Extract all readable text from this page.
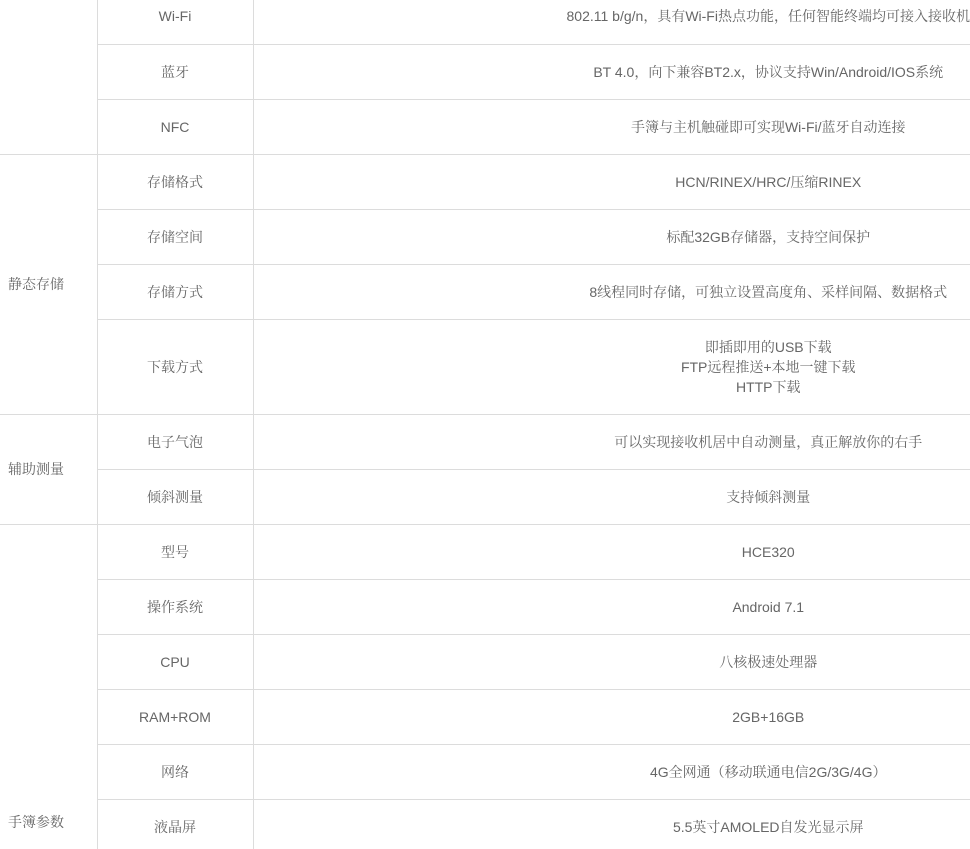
	Wi-Fi	802.11 b/g/n，具有Wi-Fi热点功能，任何智能终端均可接入接收机
	蓝牙	BT 4.0，向下兼容BT2.x，协议支持Win/Android/IOS系统
	NFC	手簿与主机触碰即可实现Wi-Fi/蓝牙自动连接
静态存储	存储格式	HCN/RINEX/HRC/压缩RINEX
	存储空间	标配32GB存储器，支持空间保护
	存储方式	8线程同时存储，可独立设置高度角、采样间隔、数据格式
	下载方式	即插即用的USB下载
FTP远程推送+本地一键下载
HTTP下载

辅助测量	电子气泡	可以实现接收机居中自动测量，真正解放你的右手
	倾斜测量	支持倾斜测量
手簿参数	型号	HCE320
	操作系统	Android 7.1
	CPU	八核极速处理器
	RAM+ROM	2GB+16GB
	网络	4G全网通（移动联通电信2G/3G/4G）
	液晶屏	5.5英寸AMOLED自发光显示屏
